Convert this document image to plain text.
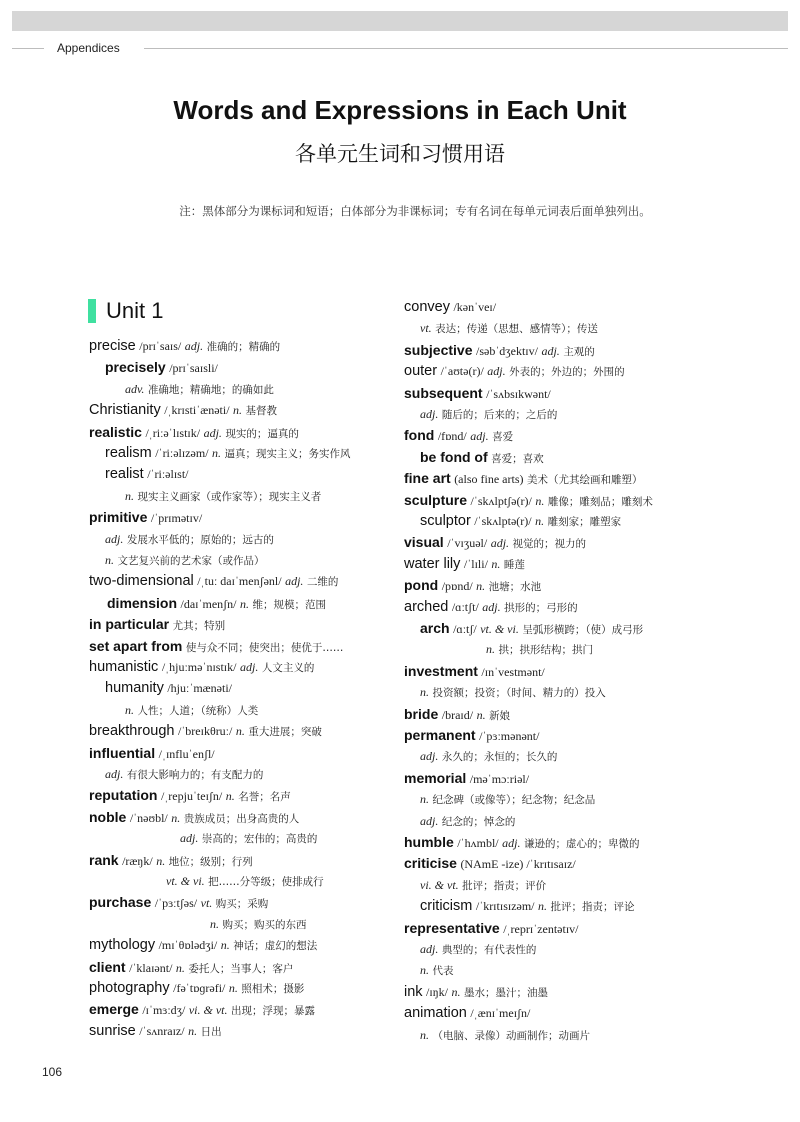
Appendices
Words and Expressions in Each Unit
各单元生词和习惯用语
注：黑体部分为课标词和短语；白体部分为非课标词；专有名词在每单元词表后面单独列出。
Unit 1
precise /prɪˈsaɪs/ adj. 准确的；精确的
precisely /prɪˈsaɪsli/
adv. 准确地；精确地；的确如此
Christianity /ˌkrɪstiˈænəti/ n. 基督教
realistic /ˌriːəˈlɪstɪk/ adj. 现实的；逼真的
realism /ˈriːəlɪzəm/ n. 逼真；现实主义；务实作风
realist /ˈriːəlɪst/
n. 现实主义画家（或作家等）；现实主义者
primitive /ˈprɪmətɪv/
adj. 发展水平低的；原始的；远古的
n. 文艺复兴前的艺术家（或作品）
two-dimensional /ˌtuː daɪˈmenʃənl/ adj. 二维的
dimension /daɪˈmenʃn/ n. 维；规模；范围
in particular 尤其；特别
set apart from 使与众不同；使突出；使优于……
humanistic /ˌhjuːməˈnɪstɪk/ adj. 人文主义的
humanity /hjuːˈmænəti/
n. 人性；人道；（统称）人类
breakthrough /ˈbreɪkθruː/ n. 重大进展；突破
influential /ˌɪnfluˈenʃl/
adj. 有很大影响力的；有支配力的
reputation /ˌrepjuˈteɪʃn/ n. 名誉；名声
noble /ˈnəʊbl/ n. 贵族成员；出身高贵的人
adj. 崇高的；宏伟的；高贵的
rank /ræŋk/ n. 地位；级别；行列
vt. & vi. 把……分等级；使排成行
purchase /ˈpɜːtʃəs/ vt. 购买；采购
n. 购买；购买的东西
mythology /mɪˈθɒlədʒi/ n. 神话；虚幻的想法
client /ˈklaɪənt/ n. 委托人；当事人；客户
photography /fəˈtɒɡrəfi/ n. 照相术；摄影
emerge /ɪˈmɜːdʒ/ vi. & vt. 出现；浮现；暴露
sunrise /ˈsʌnraɪz/ n. 日出
convey /kənˈveɪ/
vt. 表达；传递（思想、感情等）；传送
subjective /səbˈdʒektɪv/ adj. 主观的
outer /ˈaʊtə(r)/ adj. 外表的；外边的；外围的
subsequent /ˈsʌbsɪkwənt/
adj. 随后的；后来的；之后的
fond /fɒnd/ adj. 喜爱
be fond of 喜爱；喜欢
fine art (also fine arts) 美术（尤其绘画和雕塑）
sculpture /ˈskʌlptʃə(r)/ n. 雕像；雕刻品；雕刻术
sculptor /ˈskʌlptə(r)/ n. 雕刻家；雕塑家
visual /ˈvɪʒuəl/ adj. 视觉的；视力的
water lily /ˈlɪli/ n. 睡莲
pond /pɒnd/ n. 池塘；水池
arched /ɑːtʃt/ adj. 拱形的；弓形的
arch /ɑːtʃ/ vt. & vi. 呈弧形横跨；（使）成弓形
n. 拱；拱形结构；拱门
investment /ɪnˈvestmənt/
n. 投资额；投资；（时间、精力的）投入
bride /braɪd/ n. 新娘
permanent /ˈpɜːmənənt/
adj. 永久的；永恒的；长久的
memorial /məˈmɔːriəl/
n. 纪念碑（或像等）；纪念物；纪念品
adj. 纪念的；悼念的
humble /ˈhʌmbl/ adj. 谦逊的；虚心的；卑微的
criticise (NAmE -ize) /ˈkrɪtɪsaɪz/
vi. & vt. 批评；指责；评价
criticism /ˈkrɪtɪsɪzəm/ n. 批评；指责；评论
representative /ˌreprɪˈzentətɪv/
adj. 典型的；有代表性的
n. 代表
ink /ɪŋk/ n. 墨水；墨汁；油墨
animation /ˌænɪˈmeɪʃn/
n. （电脑、录像）动画制作；动画片
106
